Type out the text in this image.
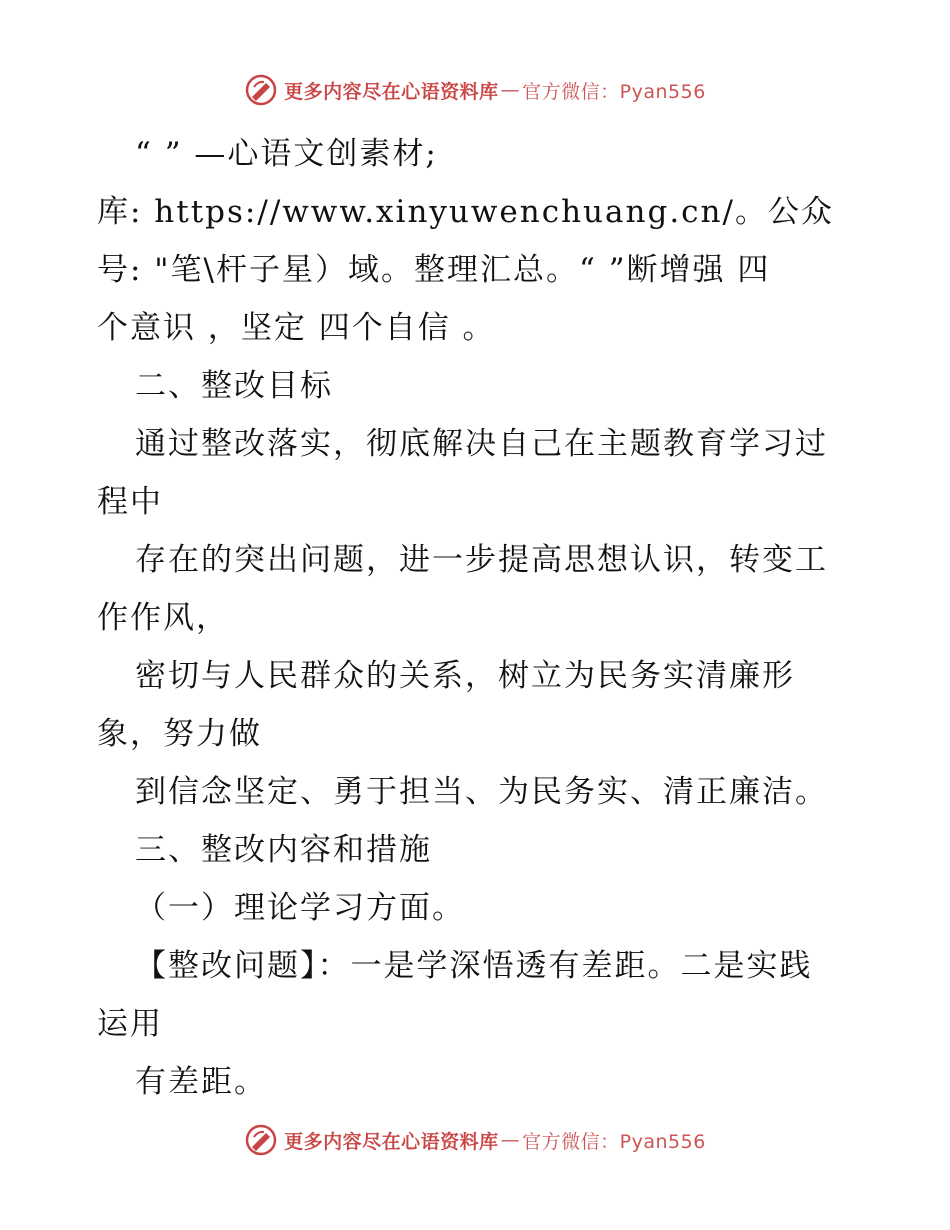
更多内容尽在心语资料库 — 官方微信：Pyan556
“ ” —心语文创素材;
库: https://www.xinyuwenchuang.cn/。公众
号: "笔\杆子星）域。整理汇总。“ ”断增强 四
个意识 ，坚定 四个自信 。
二、整改目标
通过整改落实，彻底解决自己在主题教育学习过
程中
存在的突出问题，进一步提高思想认识，转变工
作作风，
密切与人民群众的关系，树立为民务实清廉形
象，努力做
到信念坚定、勇于担当、为民务实、清正廉洁。
三、整改内容和措施
（一）理论学习方面。
【整改问题】：一是学深悟透有差距。二是实践
运用
有差距。
更多内容尽在心语资料库 — 官方微信：Pyan556
